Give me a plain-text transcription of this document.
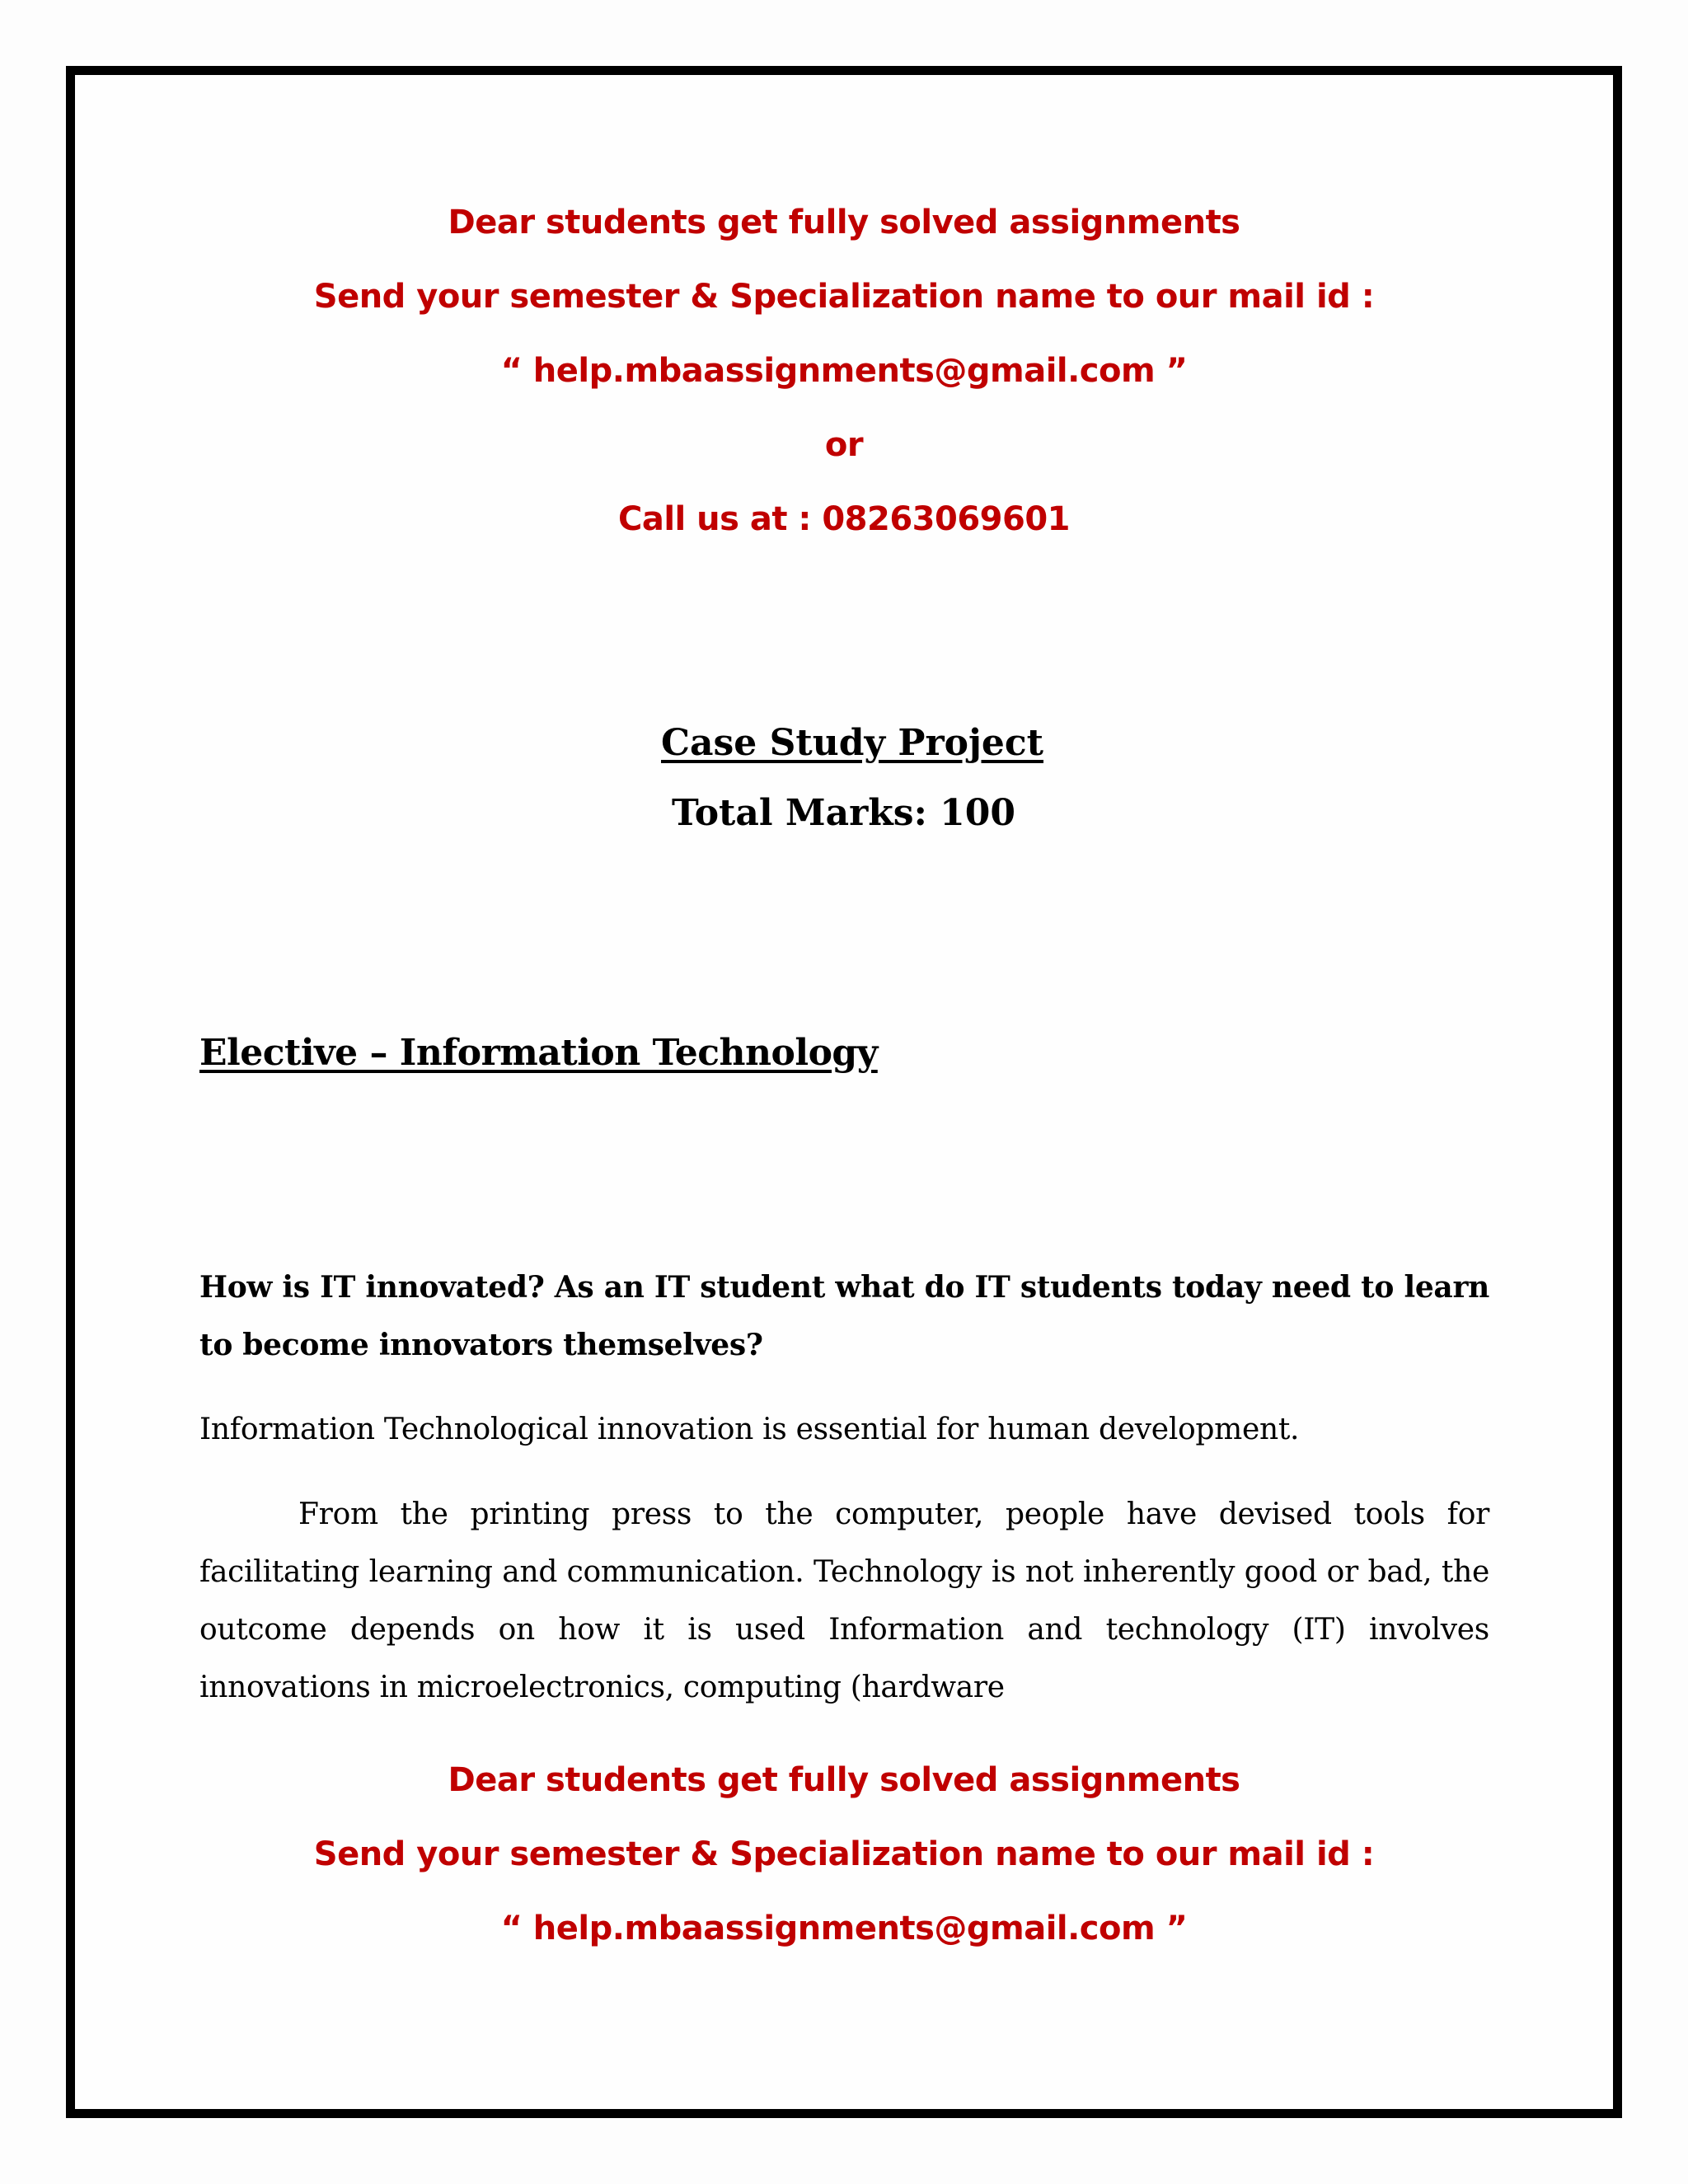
Dear students get fully solved assignments
Send your semester & Specialization name to our mail id :
“ help.mbaassignments@gmail.com ”
or
Call us at : 08263069601
Case Study Project
Total Marks: 100
Elective – Information Technology
How is IT innovated? As an IT student what do IT students today need to learn to become innovators themselves?
Information Technological innovation is essential for human development.
From the printing press to the computer, people have devised tools for facilitating learning and communication. Technology is not inherently good or bad, the outcome depends on how it is used Information and technology (IT) involves innovations in microelectronics, computing (hardware
Dear students get fully solved assignments
Send your semester & Specialization name to our mail id :
“ help.mbaassignments@gmail.com ”
